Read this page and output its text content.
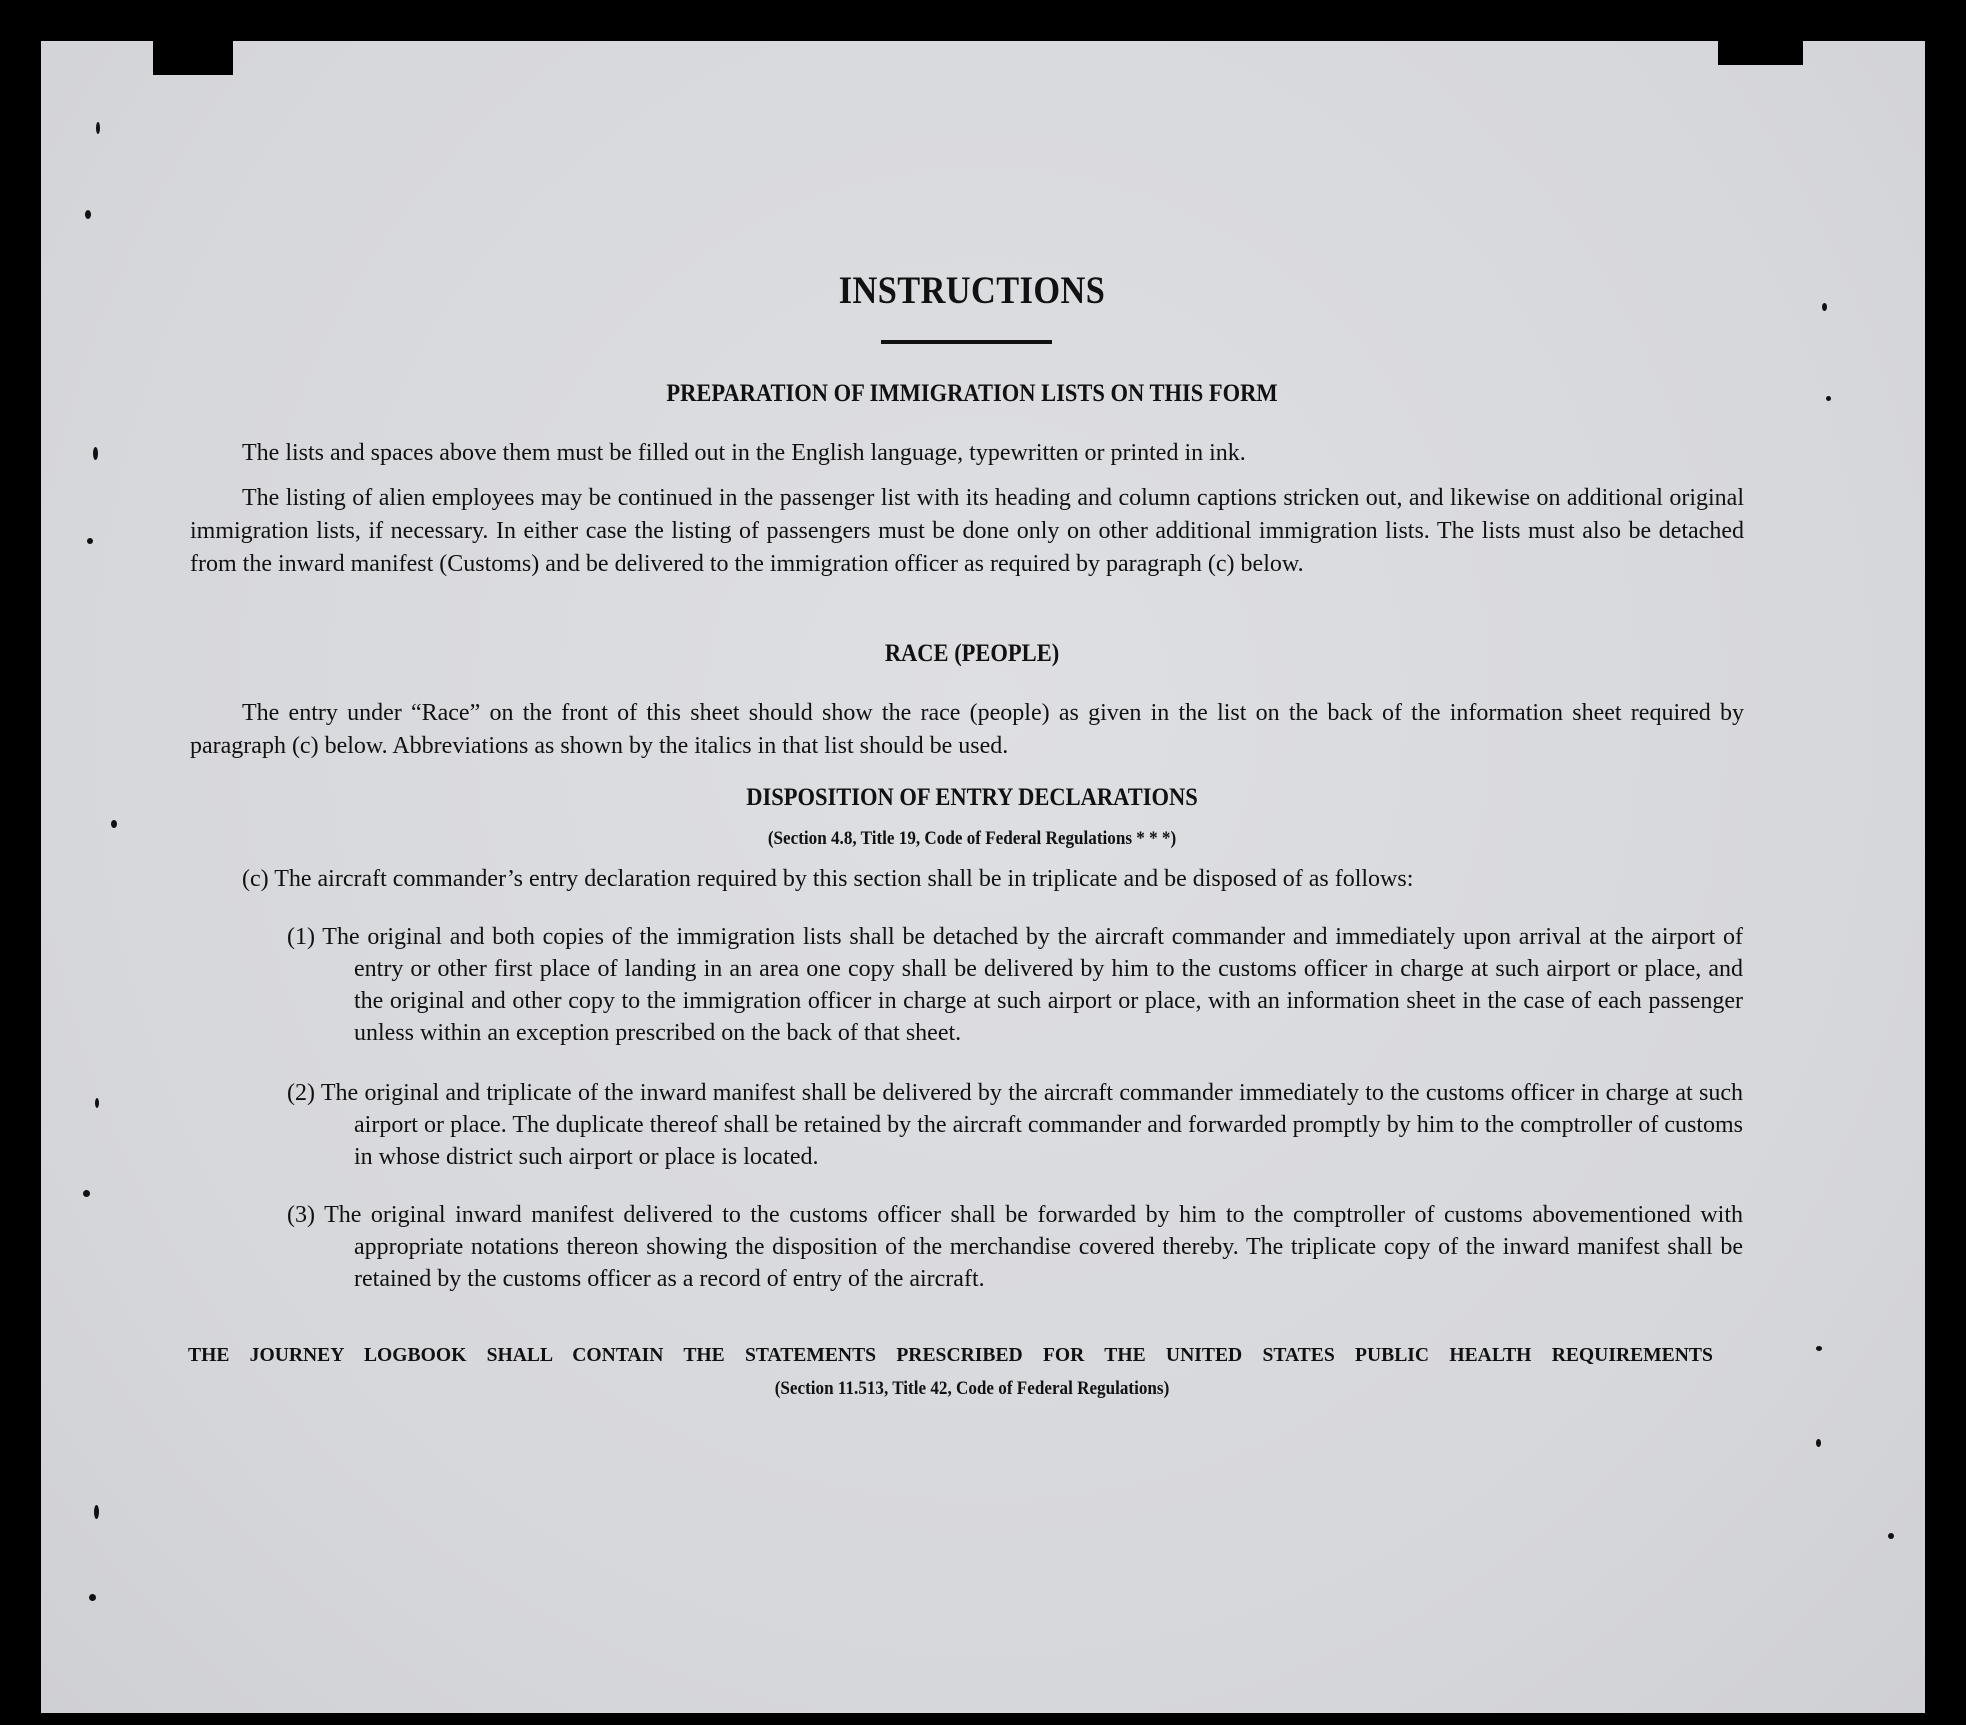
INSTRUCTIONS
PREPARATION OF IMMIGRATION LISTS ON THIS FORM
The lists and spaces above them must be filled out in the English language, typewritten or printed in ink.
The listing of alien employees may be continued in the passenger list with its heading and column captions stricken out, and likewise on additional original immigration lists, if necessary. In either case the listing of passengers must be done only on other additional immigration lists. The lists must also be detached from the inward manifest (Customs) and be delivered to the immigration officer as required by paragraph (c) below.
RACE (PEOPLE)
The entry under “Race” on the front of this sheet should show the race (people) as given in the list on the back of the information sheet required by paragraph (c) below. Abbreviations as shown by the italics in that list should be used.
DISPOSITION OF ENTRY DECLARATIONS
(Section 4.8, Title 19, Code of Federal Regulations * * *)
(c) The aircraft commander’s entry declaration required by this section shall be in triplicate and be disposed of as follows:
(1) The original and both copies of the immigration lists shall be detached by the aircraft commander and immediately upon arrival at the airport of entry or other first place of landing in an area one copy shall be delivered by him to the customs officer in charge at such airport or place, and the original and other copy to the immigration officer in charge at such airport or place, with an information sheet in the case of each passenger unless within an exception prescribed on the back of that sheet.
(2) The original and triplicate of the inward manifest shall be delivered by the aircraft commander immediately to the customs officer in charge at such airport or place. The duplicate thereof shall be retained by the aircraft commander and forwarded promptly by him to the comptroller of customs in whose district such airport or place is located.
(3) The original inward manifest delivered to the customs officer shall be forwarded by him to the comptroller of customs abovementioned with appropriate notations thereon showing the disposition of the merchandise covered thereby. The triplicate copy of the inward manifest shall be retained by the customs officer as a record of entry of the aircraft.
THE JOURNEY LOGBOOK SHALL CONTAIN THE STATEMENTS PRESCRIBED FOR THE UNITED STATES PUBLIC HEALTH REQUIREMENTS
(Section 11.513, Title 42, Code of Federal Regulations)
